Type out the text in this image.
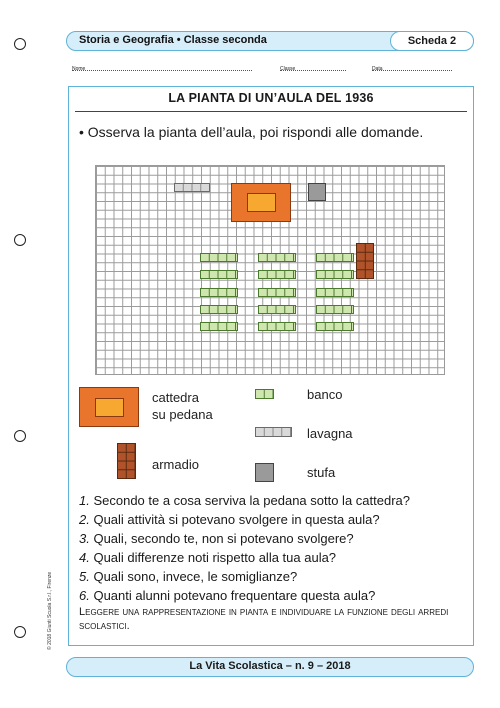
Storia e Geografia • Classe seconda	Scheda 2
Nome	Classe	Data
LA PIANTA DI UN’AULA DEL 1936
• Osserva la pianta dell’aula, poi rispondi alle domande.
cattedra
su pedana
armadio
banco
lavagna
stufa
1. Secondo te a cosa serviva la pedana sotto la cattedra?
2. Quali attività si potevano svolgere in questa aula?
3. Quali, secondo te, non si potevano svolgere?
4. Quali differenze noti rispetto alla tua aula?
5. Quali sono, invece, le somiglianze?
6. Quanti alunni potevano frequentare questa aula?
Leggere una rappresentazione in pianta e individuare la funzione degli arredi scolastici.
© 2018 Giunti Scuola S.r.l., Firenze
La Vita Scolastica – n. 9 – 2018
